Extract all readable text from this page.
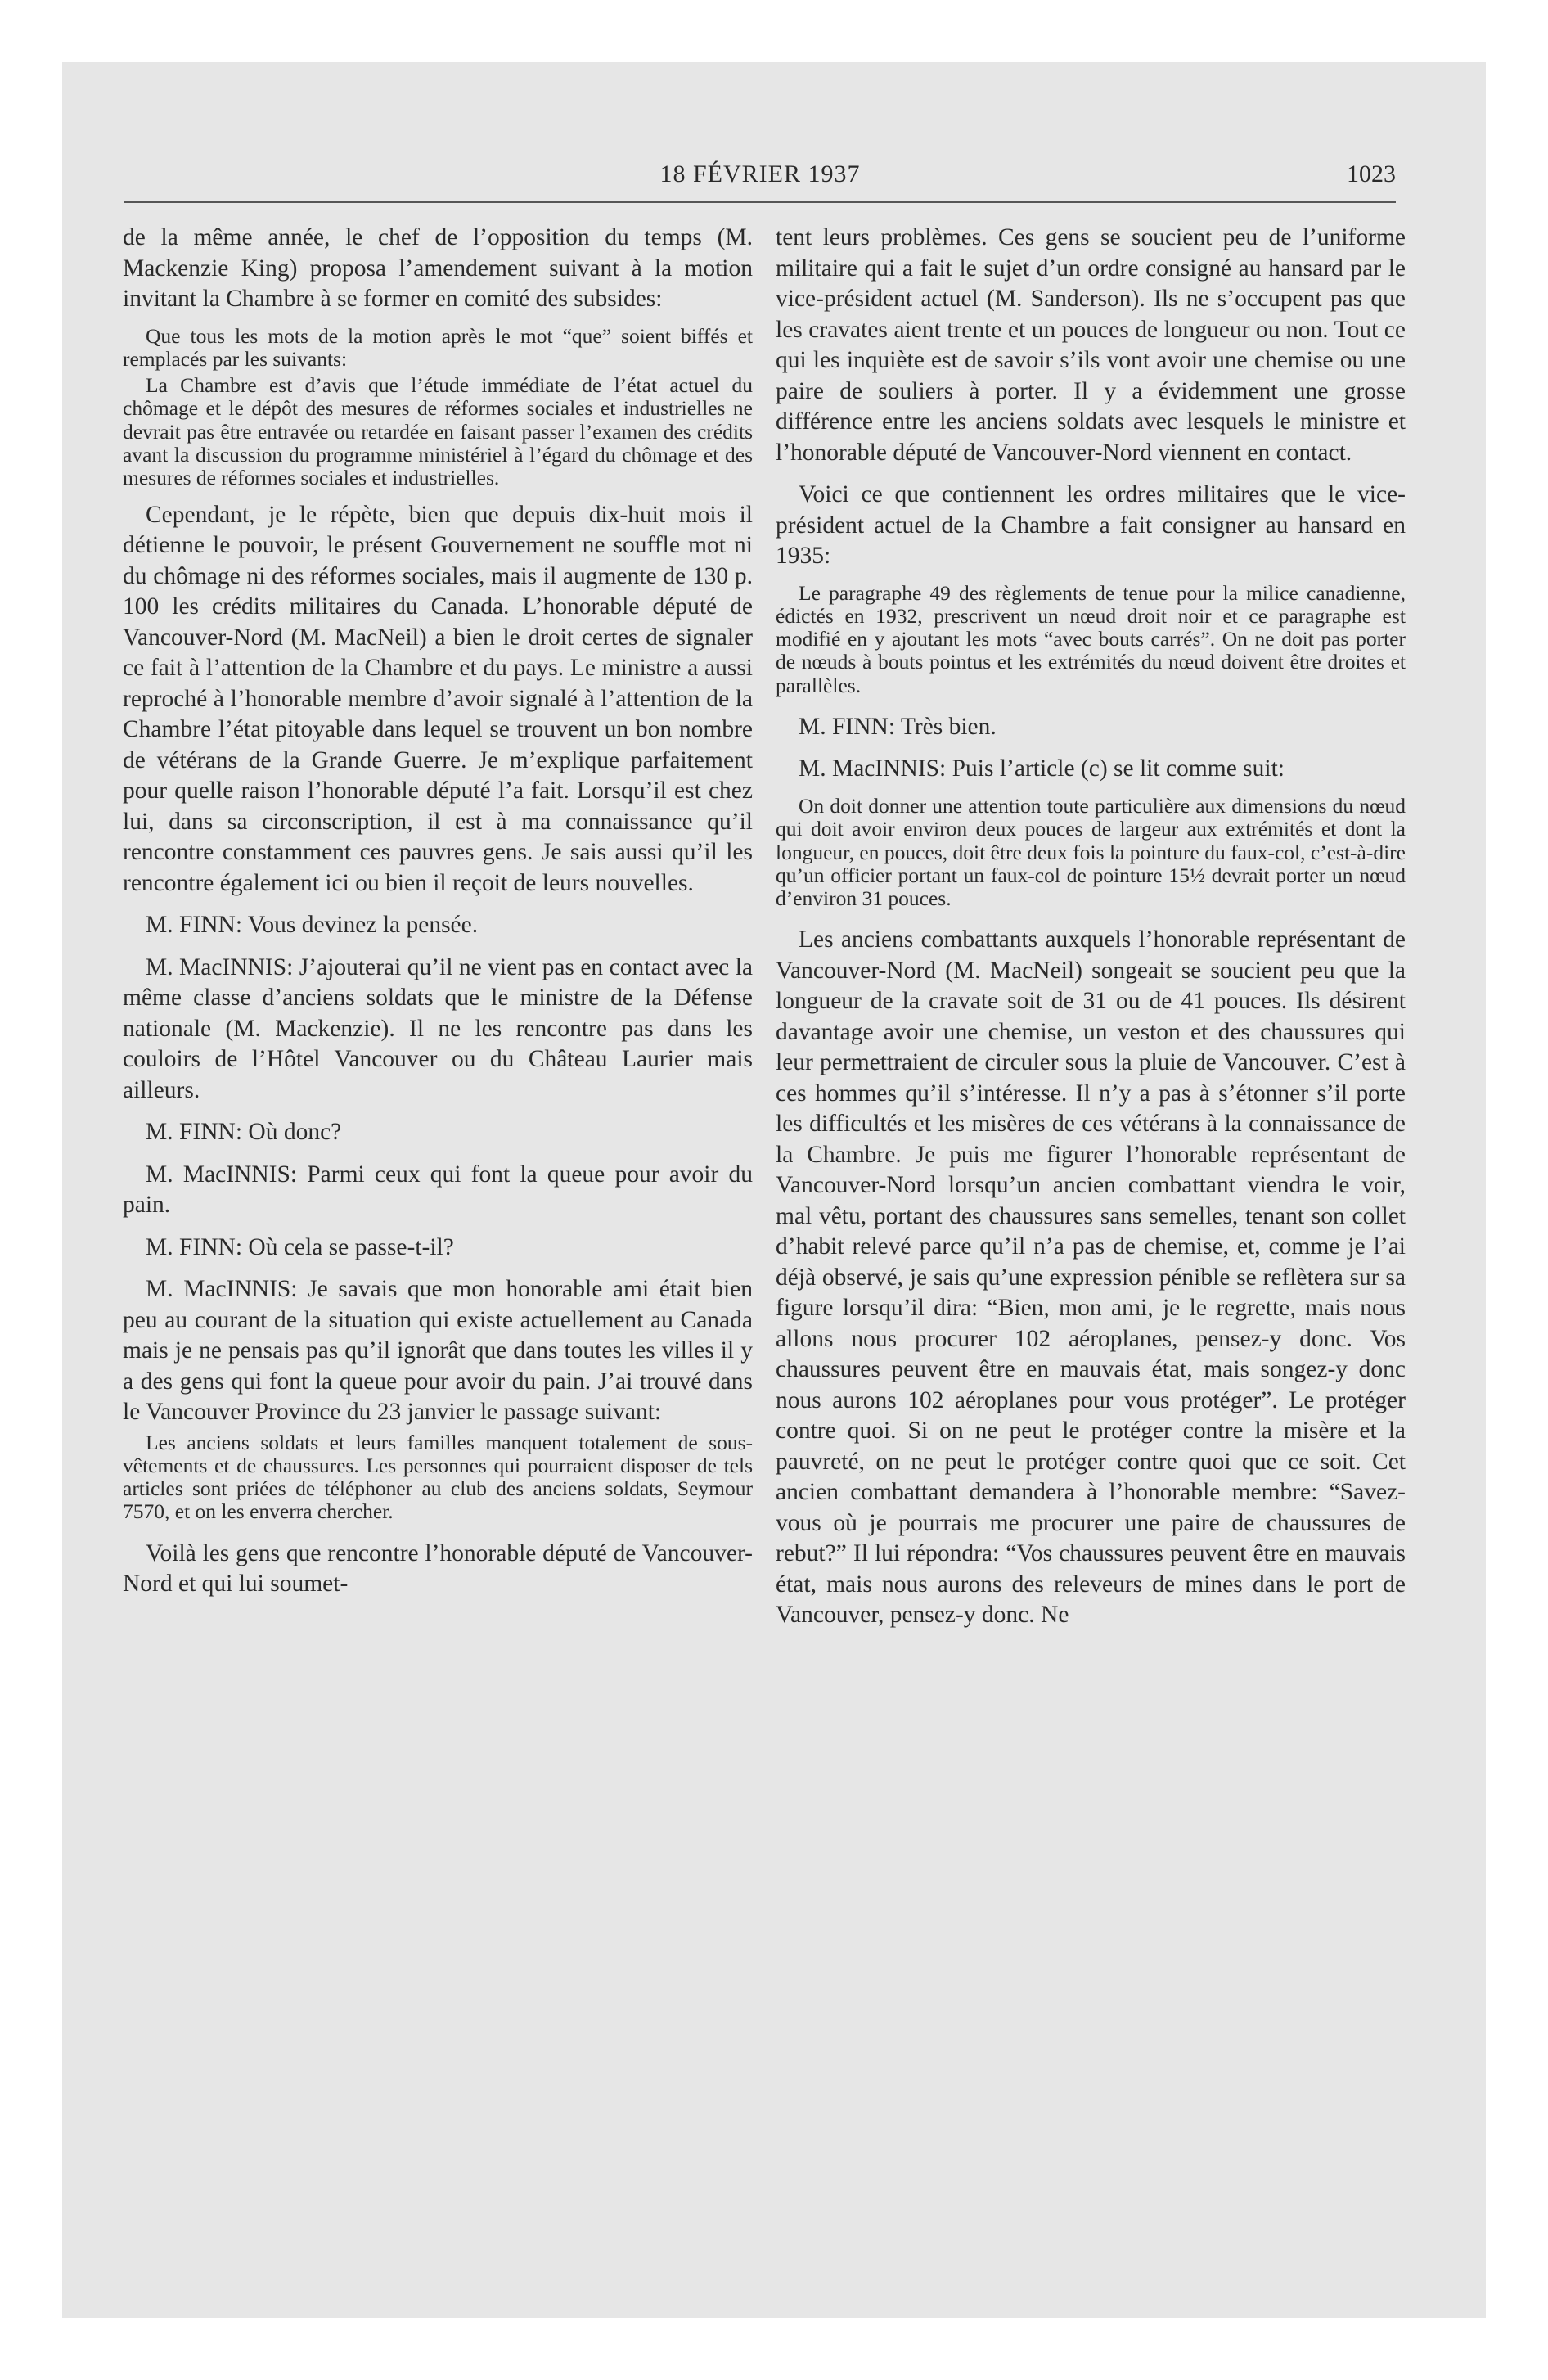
18 FÉVRIER 1937	1023

de la même année, le chef de l’opposition du temps (M. Mackenzie King) proposa l’amendement suivant à la motion invitant la Chambre à se former en comité des subsides:

Que tous les mots de la motion après le mot “que” soient biffés et remplacés par les suivants:

La Chambre est d’avis que l’étude immédiate de l’état actuel du chômage et le dépôt des mesures de réformes sociales et industrielles ne devrait pas être entravée ou retardée en faisant passer l’examen des crédits avant la discussion du programme ministériel à l’égard du chômage et des mesures de réformes sociales et industrielles.

Cependant, je le répète, bien que depuis dix-huit mois il détienne le pouvoir, le présent Gouvernement ne souffle mot ni du chômage ni des réformes sociales, mais il augmente de 130 p. 100 les crédits militaires du Canada. L’honorable député de Vancouver-Nord (M. MacNeil) a bien le droit certes de signaler ce fait à l’attention de la Chambre et du pays. Le ministre a aussi reproché à l’honorable membre d’avoir signalé à l’attention de la Chambre l’état pitoyable dans lequel se trouvent un bon nombre de vétérans de la Grande Guerre. Je m’explique parfaitement pour quelle raison l’honorable député l’a fait. Lorsqu’il est chez lui, dans sa circonscription, il est à ma connaissance qu’il rencontre constamment ces pauvres gens. Je sais aussi qu’il les rencontre également ici ou bien il reçoit de leurs nouvelles.

M. FINN: Vous devinez la pensée.

M. MacINNIS: J’ajouterai qu’il ne vient pas en contact avec la même classe d’anciens soldats que le ministre de la Défense nationale (M. Mackenzie). Il ne les rencontre pas dans les couloirs de l’Hôtel Vancouver ou du Château Laurier mais ailleurs.

M. FINN: Où donc?

M. MacINNIS: Parmi ceux qui font la queue pour avoir du pain.

M. FINN: Où cela se passe-t-il?

M. MacINNIS: Je savais que mon honorable ami était bien peu au courant de la situation qui existe actuellement au Canada mais je ne pensais pas qu’il ignorât que dans toutes les villes il y a des gens qui font la queue pour avoir du pain. J’ai trouvé dans le Vancouver Province du 23 janvier le passage suivant:

Les anciens soldats et leurs familles manquent totalement de sous-vêtements et de chaussures. Les personnes qui pourraient disposer de tels articles sont priées de téléphoner au club des anciens soldats, Seymour 7570, et on les enverra chercher.

Voilà les gens que rencontre l’honorable député de Vancouver-Nord et qui lui soumet-

tent leurs problèmes. Ces gens se soucient peu de l’uniforme militaire qui a fait le sujet d’un ordre consigné au hansard par le vice-président actuel (M. Sanderson). Ils ne s’occupent pas que les cravates aient trente et un pouces de longueur ou non. Tout ce qui les inquiète est de savoir s’ils vont avoir une chemise ou une paire de souliers à porter. Il y a évidemment une grosse différence entre les anciens soldats avec lesquels le ministre et l’honorable député de Vancouver-Nord viennent en contact.

Voici ce que contiennent les ordres militaires que le vice-président actuel de la Chambre a fait consigner au hansard en 1935:

Le paragraphe 49 des règlements de tenue pour la milice canadienne, édictés en 1932, prescrivent un nœud droit noir et ce paragraphe est modifié en y ajoutant les mots “avec bouts carrés”. On ne doit pas porter de nœuds à bouts pointus et les extrémités du nœud doivent être droites et parallèles.

M. FINN: Très bien.

M. MacINNIS: Puis l’article (c) se lit comme suit:

On doit donner une attention toute particulière aux dimensions du nœud qui doit avoir environ deux pouces de largeur aux extrémités et dont la longueur, en pouces, doit être deux fois la pointure du faux-col, c’est-à-dire qu’un officier portant un faux-col de pointure 15½ devrait porter un nœud d’environ 31 pouces.

Les anciens combattants auxquels l’honorable représentant de Vancouver-Nord (M. MacNeil) songeait se soucient peu que la longueur de la cravate soit de 31 ou de 41 pouces. Ils désirent davantage avoir une chemise, un veston et des chaussures qui leur permettraient de circuler sous la pluie de Vancouver. C’est à ces hommes qu’il s’intéresse. Il n’y a pas à s’étonner s’il porte les difficultés et les misères de ces vétérans à la connaissance de la Chambre. Je puis me figurer l’honorable représentant de Vancouver-Nord lorsqu’un ancien combattant viendra le voir, mal vêtu, portant des chaussures sans semelles, tenant son collet d’habit relevé parce qu’il n’a pas de chemise, et, comme je l’ai déjà observé, je sais qu’une expression pénible se reflètera sur sa figure lorsqu’il dira: “Bien, mon ami, je le regrette, mais nous allons nous procurer 102 aéroplanes, pensez-y donc. Vos chaussures peuvent être en mauvais état, mais songez-y donc nous aurons 102 aéroplanes pour vous protéger”. Le protéger contre quoi. Si on ne peut le protéger contre la misère et la pauvreté, on ne peut le protéger contre quoi que ce soit. Cet ancien combattant demandera à l’honorable membre: “Savez-vous où je pourrais me procurer une paire de chaussures de rebut?” Il lui répondra: “Vos chaussures peuvent être en mauvais état, mais nous aurons des releveurs de mines dans le port de Vancouver, pensez-y donc. Ne
